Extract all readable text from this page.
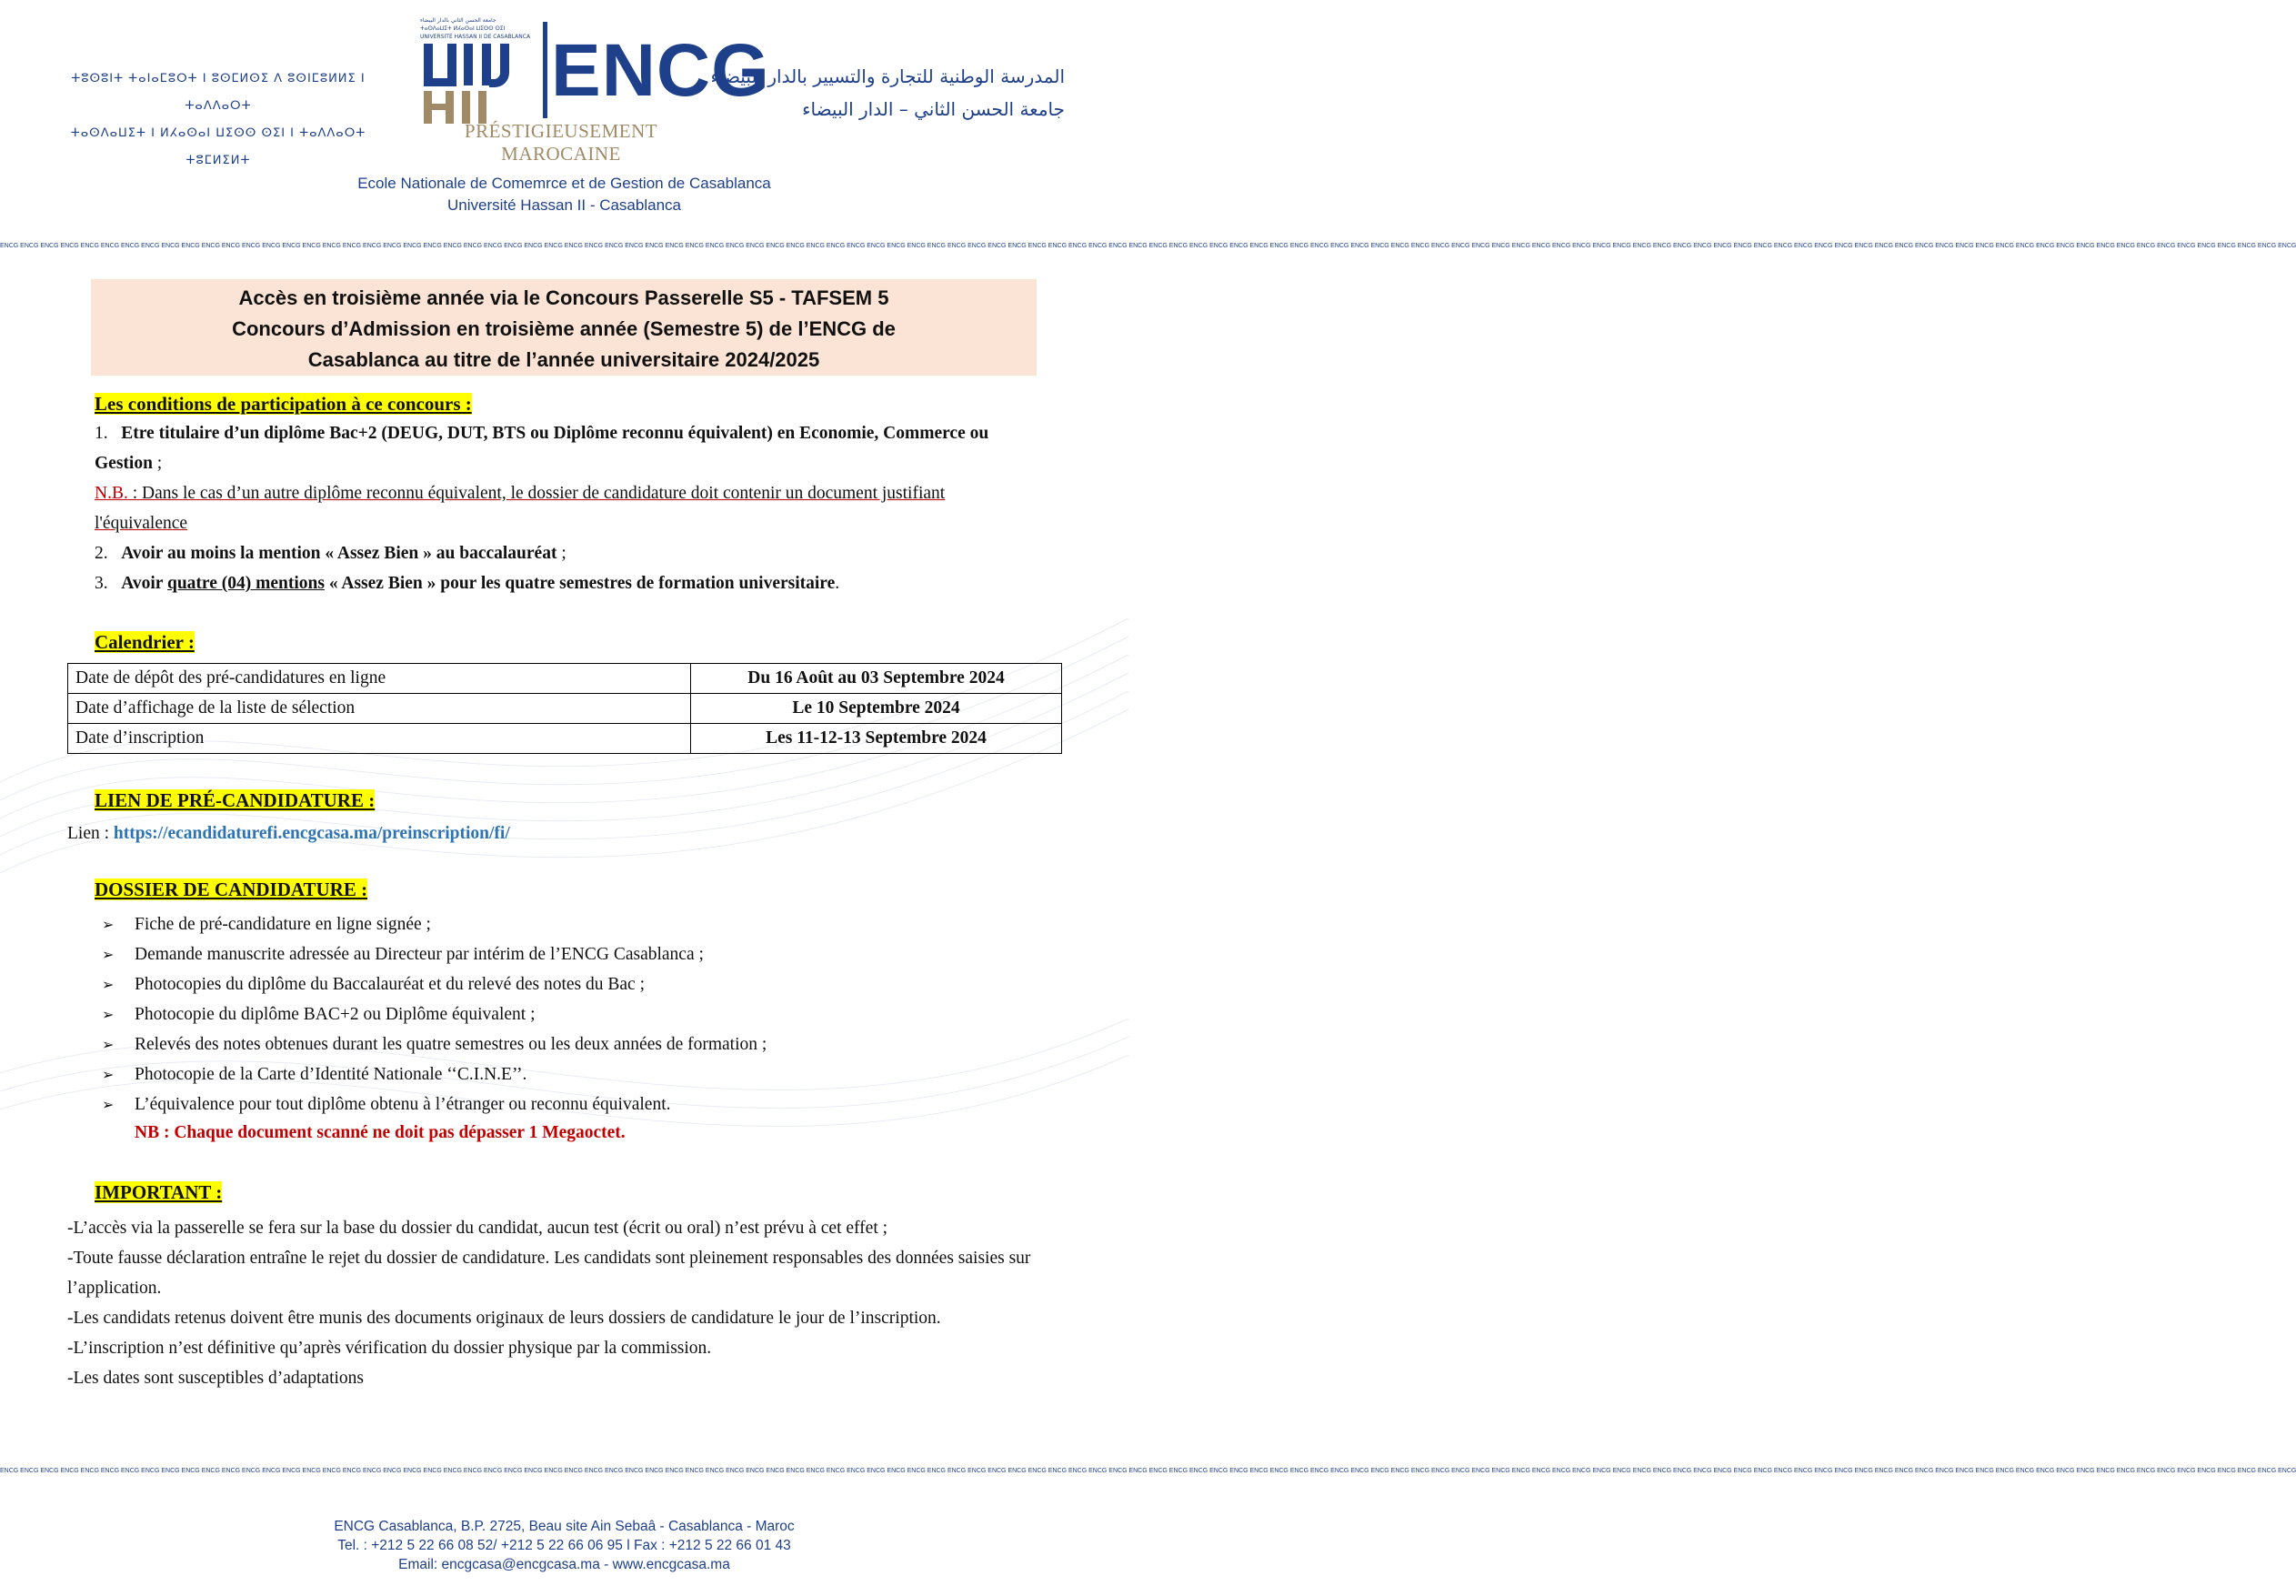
ⵜⵓⵙⵓⵏⵜ ⵜⴰⵏⴰⵎⵓⵔⵜ ⵏ ⵓⵙⵎⵍⵙⵉ ⴷ ⵓⵙⵏⵎⵓⵍⵍⵉ ⵏ ⵜⴰⴷⴷⴰⵔⵜ
ⵜⴰⵙⴷⴰⵡⵉⵜ ⵏ ⵍⵃⴰⵙⴰⵏ ⵡⵉⵙⵙ ⵙⵉⵏ ⵏ ⵜⴰⴷⴷⴰⵔⵜ ⵜⵓⵎⵍⵉⵍⵜ
جامعة الحسن الثاني بالدار البيضاء
ⵜⴰⵙⴷⴰⵡⵉⵜ ⵍⵃⴰⵙⴰⵏ ⵡⵉⵙⵙ ⵙⵉⵏ
UNIVERSITÉ HASSAN II DE CASABLANCA ENCG
PRÉSTIGIEUSEMENT MAROCAINE
المدرسة الوطنية للتجارة والتسيير بالدار البيضاء
جامعة الحسن الثاني – الدار البيضاء
Ecole Nationale de Comemrce et de Gestion de Casablanca
Université Hassan II - Casablanca
ENCG ENCG ENCG ENCG ENCG ENCG ENCG ENCG ENCG ENCG ENCG ENCG ENCG ENCG ENCG ENCG ENCG ENCG ENCG ENCG ENCG ENCG ENCG ENCG ENCG ENCG ENCG ENCG ENCG ENCG ENCG ENCG ENCG ENCG ENCG ENCG ENCG ENCG ENCG ENCG ENCG ENCG ENCG ENCG ENCG ENCG ENCG ENCG ENCG ENCG ENCG ENCG ENCG ENCG ENCG ENCG ENCG ENCG ENCG ENCG ENCG ENCG ENCG ENCG ENCG ENCG ENCG ENCG ENCG ENCG ENCG ENCG ENCG ENCG ENCG ENCG ENCG ENCG ENCG ENCG ENCG ENCG ENCG ENCG ENCG ENCG ENCG ENCG ENCG ENCG ENCG ENCG ENCG ENCG ENCG ENCG ENCG ENCG ENCG ENCG ENCG ENCG ENCG ENCG ENCG ENCG ENCG ENCG ENCG ENCG ENCG ENCG ENCG ENCG
Accès en troisième année via le Concours Passerelle S5 - TAFSEM 5
Concours d’Admission en troisième année (Semestre 5) de l’ENCG de
Casablanca au titre de l’année universitaire 2024/2025
Les conditions de participation à ce concours :
1. Etre titulaire d’un diplôme Bac+2 (DEUG, DUT, BTS ou Diplôme reconnu équivalent) en Economie, Commerce ou Gestion ;
N.B. : Dans le cas d’un autre diplôme reconnu équivalent, le dossier de candidature doit contenir un document justifiant l'équivalence
2. Avoir au moins la mention « Assez Bien » au baccalauréat ;
3. Avoir quatre (04) mentions « Assez Bien » pour les quatre semestres de formation universitaire.
Calendrier :
Date de dépôt des pré-candidatures en ligne	Du 16 Août au 03 Septembre 2024
Date d’affichage de la liste de sélection	Le 10 Septembre 2024
Date d’inscription	Les 11-12-13 Septembre 2024
LIEN DE PRÉ-CANDIDATURE :
Lien : https://ecandidaturefi.encgcasa.ma/preinscription/fi/
DOSSIER DE CANDIDATURE :
➢ Fiche de pré-candidature en ligne signée ;
➢ Demande manuscrite adressée au Directeur par intérim de l’ENCG Casablanca ;
➢ Photocopies du diplôme du Baccalauréat et du relevé des notes du Bac ;
➢ Photocopie du diplôme BAC+2 ou Diplôme équivalent ;
➢ Relevés des notes obtenues durant les quatre semestres ou les deux années de formation ;
➢ Photocopie de la Carte d’Identité Nationale ‘‘C.I.N.E’’.
➢ L’équivalence pour tout diplôme obtenu à l’étranger ou reconnu équivalent.
NB : Chaque document scanné ne doit pas dépasser 1 Megaoctet.
IMPORTANT :

-L’accès via la passerelle se fera sur la base du dossier du candidat, aucun test (écrit ou oral) n’est prévu à cet effet ;

-Toute fausse déclaration entraîne le rejet du dossier de candidature. Les candidats sont pleinement responsables des données saisies sur l’application.

-Les candidats retenus doivent être munis des documents originaux de leurs dossiers de candidature le jour de l’inscription.

-L’inscription n’est définitive qu’après vérification du dossier physique par la commission.

-Les dates sont susceptibles d’adaptations

ENCG ENCG ENCG ENCG ENCG ENCG ENCG ENCG ENCG ENCG ENCG ENCG ENCG ENCG ENCG ENCG ENCG ENCG ENCG ENCG ENCG ENCG ENCG ENCG ENCG ENCG ENCG ENCG ENCG ENCG ENCG ENCG ENCG ENCG ENCG ENCG ENCG ENCG ENCG ENCG ENCG ENCG ENCG ENCG ENCG ENCG ENCG ENCG ENCG ENCG ENCG ENCG ENCG ENCG ENCG ENCG ENCG ENCG ENCG ENCG ENCG ENCG ENCG ENCG ENCG ENCG ENCG ENCG ENCG ENCG ENCG ENCG ENCG ENCG ENCG ENCG ENCG ENCG ENCG ENCG ENCG ENCG ENCG ENCG ENCG ENCG ENCG ENCG ENCG ENCG ENCG ENCG ENCG ENCG ENCG ENCG ENCG ENCG ENCG ENCG ENCG ENCG ENCG ENCG ENCG ENCG ENCG ENCG ENCG ENCG ENCG ENCG ENCG ENCG
ENCG Casablanca, B.P. 2725, Beau site Ain Sebaâ - Casablanca - Maroc
Tel. : +212 5 22 66 08 52/ +212 5 22 66 06 95 l Fax : +212 5 22 66 01 43
Email: encgcasa@encgcasa.ma - www.encgcasa.ma
